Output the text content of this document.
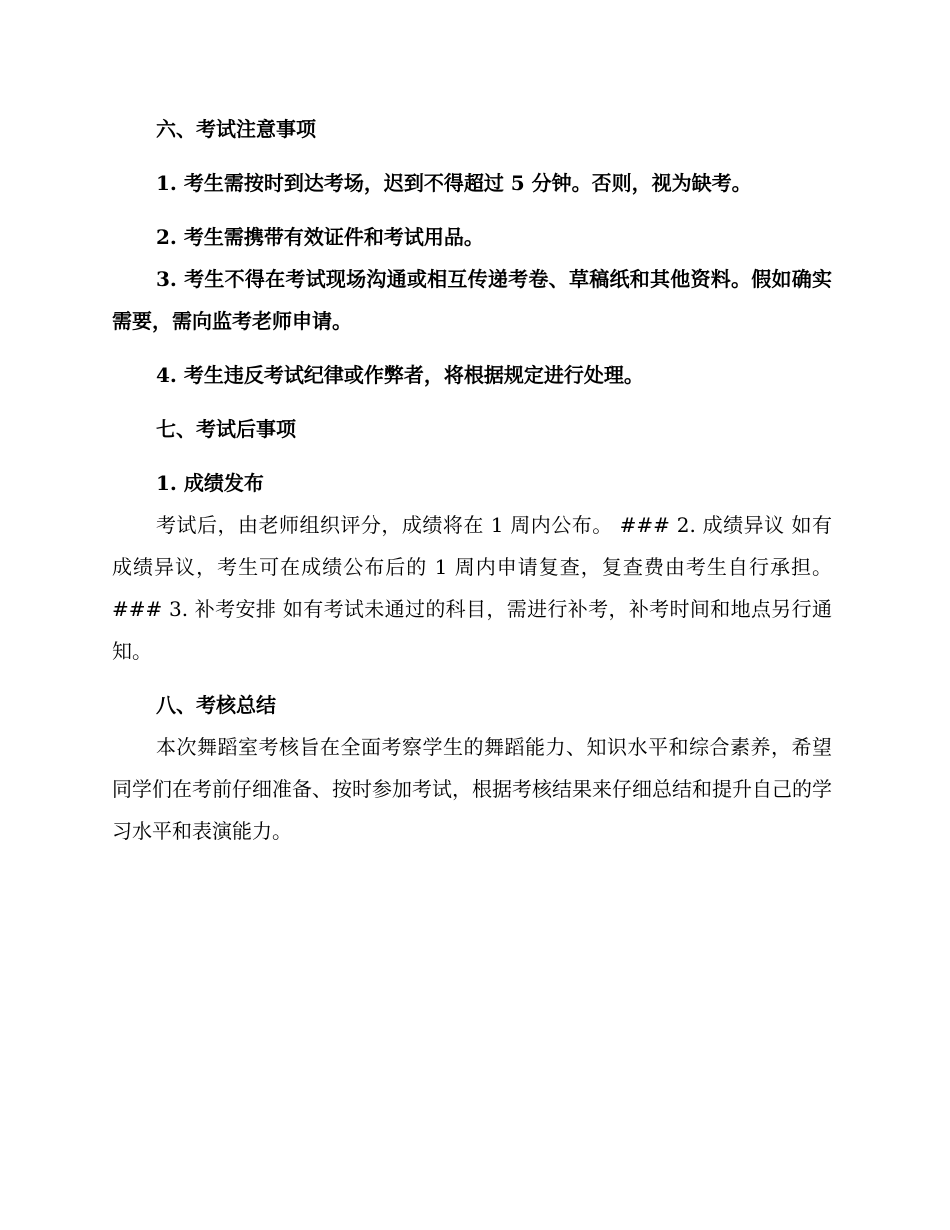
六、考试注意事项

1. 考生需按时到达考场，迟到不得超过 5 分钟。否则，视为缺考。

2. 考生需携带有效证件和考试用品。

3. 考生不得在考试现场沟通或相互传递考卷、草稿纸和其他资料。假如确实需要，需向监考老师申请。

4. 考生违反考试纪律或作弊者，将根据规定进行处理。

七、考试后事项

1. 成绩发布

考试后，由老师组织评分，成绩将在 1 周内公布。 ### 2. 成绩异议 如有成绩异议，考生可在成绩公布后的 1 周内申请复查，复查费由考生自行承担。 ### 3. 补考安排 如有考试未通过的科目，需进行补考，补考时间和地点另行通知。

八、考核总结

本次舞蹈室考核旨在全面考察学生的舞蹈能力、知识水平和综合素养，希望同学们在考前仔细准备、按时参加考试，根据考核结果来仔细总结和提升自己的学习水平和表演能力。
